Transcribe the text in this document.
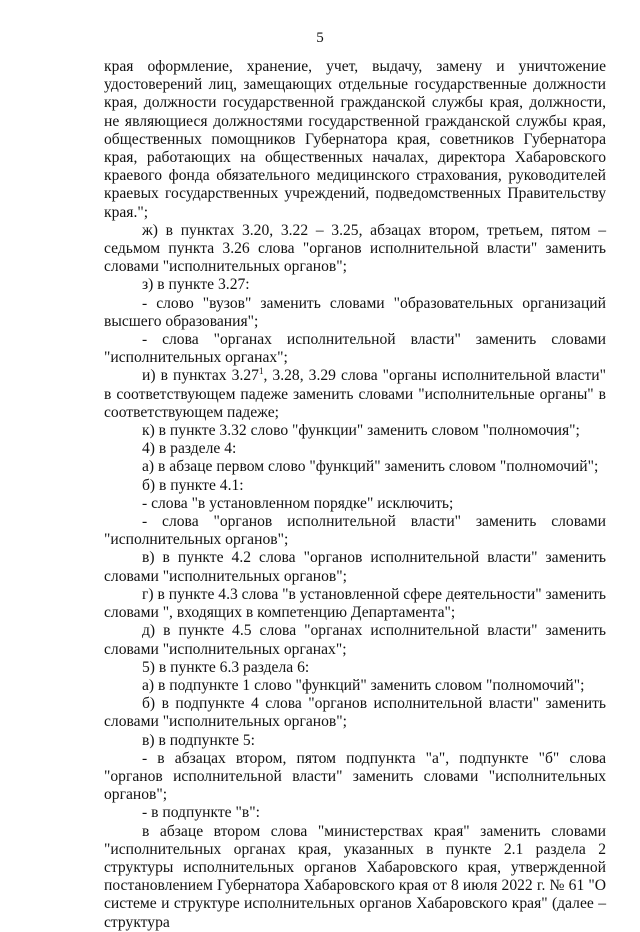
5

края оформление, хранение, учет, выдачу, замену и уничтожение удостоверений лиц, замещающих отдельные государственные должности края, должности государственной гражданской службы края, должности, не являющиеся должностями государственной гражданской службы края, общественных помощников Губернатора края, советников Губернатора края, работающих на общественных началах, директора Хабаровского краевого фонда обязательного медицинского страхования, руководителей краевых государственных учреждений, подведомственных Правительству края.";

ж) в пунктах 3.20, 3.22 – 3.25, абзацах втором, третьем, пятом – седьмом пункта 3.26 слова "органов исполнительной власти" заменить словами "исполнительных органов";

з) в пункте 3.27:

- слово "вузов" заменить словами "образовательных организаций высшего образования";

- слова "органах исполнительной власти" заменить словами "исполнительных органах";

и) в пунктах 3.27$^1$, 3.28, 3.29 слова "органы исполнительной власти" в соответствующем падеже заменить словами "исполнительные органы" в соответствующем падеже;

к) в пункте 3.32 слово "функции" заменить словом "полномочия";

4) в разделе 4:

а) в абзаце первом слово "функций" заменить словом "полномочий";

б) в пункте 4.1:

- слова "в установленном порядке" исключить;

- слова "органов исполнительной власти" заменить словами "исполнительных органов";

в) в пункте 4.2 слова "органов исполнительной власти" заменить словами "исполнительных органов";

г) в пункте 4.3 слова "в установленной сфере деятельности" заменить словами ", входящих в компетенцию Департамента";

д) в пункте 4.5 слова "органах исполнительной власти" заменить словами "исполнительных органах";

5) в пункте 6.3 раздела 6:

а) в подпункте 1 слово "функций" заменить словом "полномочий";

б) в подпункте 4 слова "органов исполнительной власти" заменить словами "исполнительных органов";

в) в подпункте 5:

- в абзацах втором, пятом подпункта "а", подпункте "б" слова "органов исполнительной власти" заменить словами "исполнительных органов";

- в подпункте "в":

в абзаце втором слова "министерствах края" заменить словами "исполнительных органах края, указанных в пункте 2.1 раздела 2 структуры исполнительных органов Хабаровского края, утвержденной постановлением Губернатора Хабаровского края от 8 июля 2022 г. № 61 "О системе и структуре исполнительных органов Хабаровского края" (далее – структура
